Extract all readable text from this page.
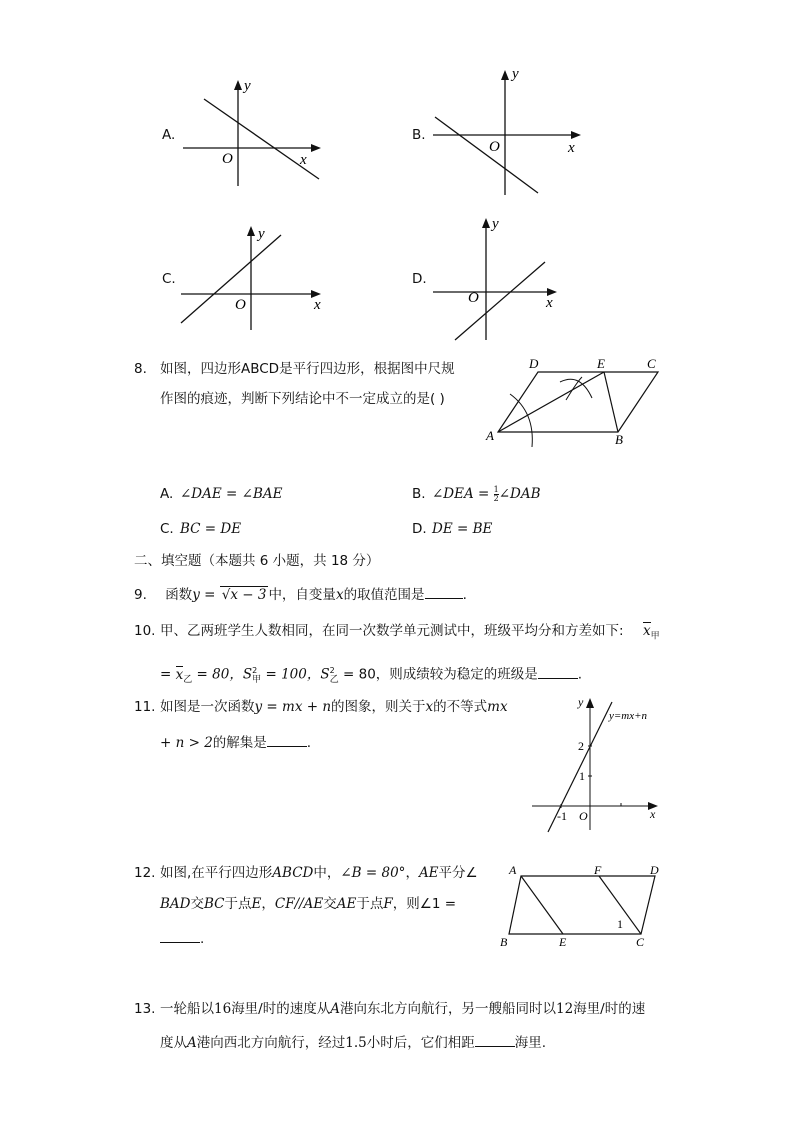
A.
y
x
O
B.
y
x
O
C.
y
x
O
D.
y
x
O
8. 如图，四边形ABCD是平行四边形，根据图中尺规
作图的痕迹，判断下列结论中不一定成立的是( )
A	B
C
D	E
A. ∠DAE = ∠BAE	B. ∠DEA = $\frac{1}{2}$ ∠DAB
C. BC = DE	D. DE = BE
二、填空题（本题共 6 小题，共 18 分）
9. 函数y = √x − 3 中，自变量x的取值范围是	.
10. 甲、乙两班学生人数相同，在同一次数学单元测试中，班级平均分和方差如下: $x_甲$
= $x_乙 = 80$，$S^2_甲 = 100$，$S^2_乙 = 80$，则成绩较为稳定的班级是	.
11. 如图是一次函数y = mx + n的图象，则关于x的不等式mx
+ n > 2的解集是	.
y
x
O
y=mx+n
2
1
-1
12. 如图,在平行四边形ABCD中，∠B = 80°，AE平分∠
BAD交BC于点E，CF//AE交AE于点F，则∠1 =
.
A
B	C
D
E
F
1
13. 一轮船以16海里/时的速度从A港向东北方向航行，另一艘船同时以12海里/时的速
度从A港向西北方向航行，经过1.5小时后，它们相距	海里.
